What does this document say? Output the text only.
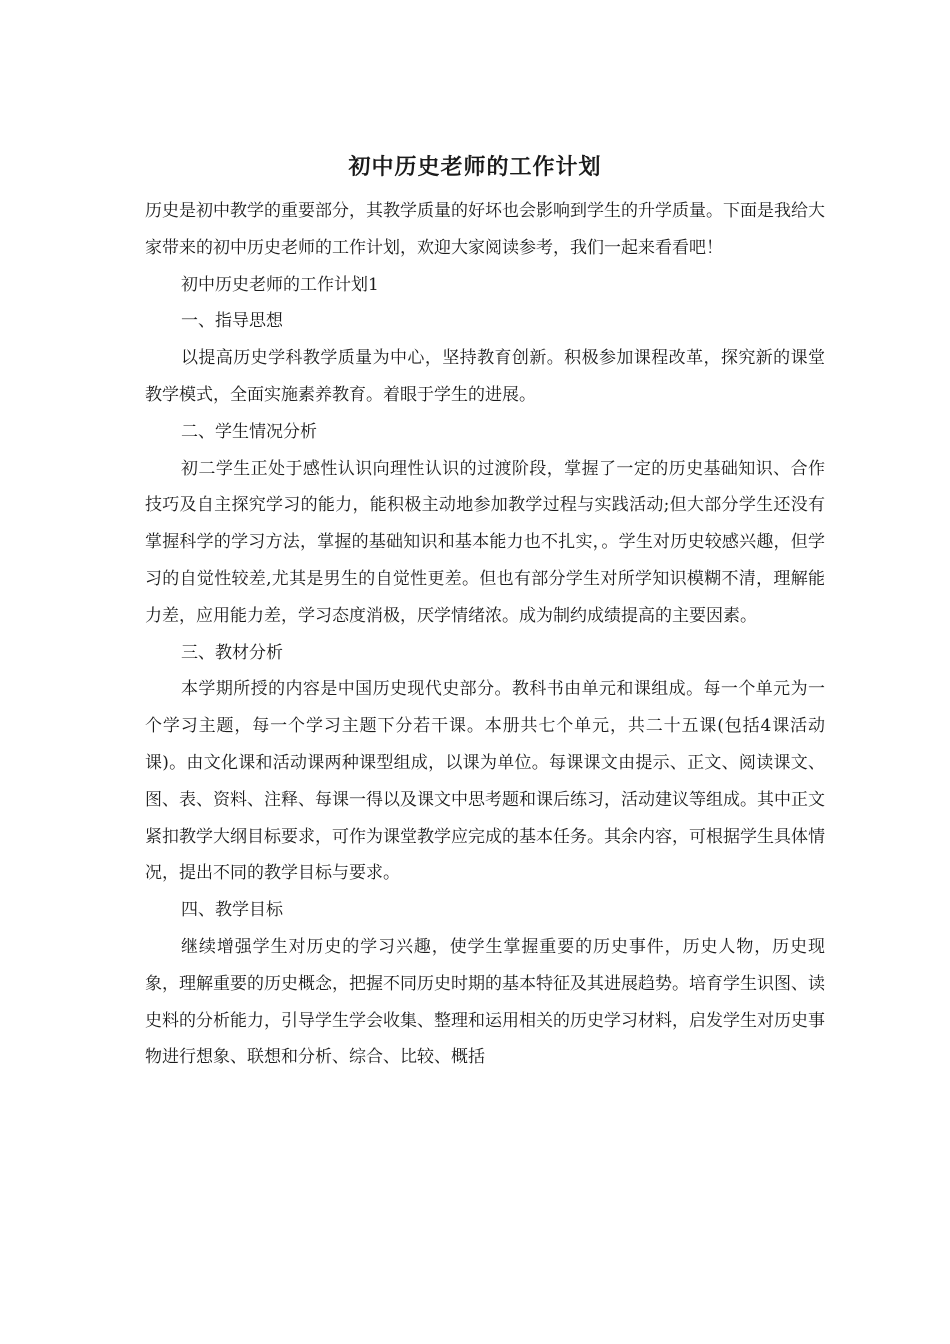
初中历史老师的工作计划

历史是初中教学的重要部分，其教学质量的好坏也会影响到学生的升学质量。下面是我给大家带来的初中历史老师的工作计划，欢迎大家阅读参考，我们一起来看看吧！

初中历史老师的工作计划1

一、指导思想

以提高历史学科教学质量为中心，坚持教育创新。积极参加课程改革，探究新的课堂教学模式，全面实施素养教育。着眼于学生的进展。

二、学生情况分析

初二学生正处于感性认识向理性认识的过渡阶段，掌握了一定的历史基础知识、合作技巧及自主探究学习的能力，能积极主动地参加教学过程与实践活动;但大部分学生还没有掌握科学的学习方法，掌握的基础知识和基本能力也不扎实，。学生对历史较感兴趣，但学习的自觉性较差,尤其是男生的自觉性更差。但也有部分学生对所学知识模糊不清，理解能力差，应用能力差，学习态度消极，厌学情绪浓。成为制约成绩提高的主要因素。

三、教材分析

本学期所授的内容是中国历史现代史部分。教科书由单元和课组成。每一个单元为一个学习主题，每一个学习主题下分若干课。本册共七个单元，共二十五课(包括4课活动课)。由文化课和活动课两种课型组成，以课为单位。每课课文由提示、正文、阅读课文、图、表、资料、注释、每课一得以及课文中思考题和课后练习，活动建议等组成。其中正文紧扣教学大纲目标要求，可作为课堂教学应完成的基本任务。其余内容，可根据学生具体情况，提出不同的教学目标与要求。

四、教学目标

继续增强学生对历史的学习兴趣，使学生掌握重要的历史事件，历史人物，历史现象，理解重要的历史概念，把握不同历史时期的基本特征及其进展趋势。培育学生识图、读史料的分析能力，引导学生学会收集、整理和运用相关的历史学习材料，启发学生对历史事物进行想象、联想和分析、综合、比较、概括
